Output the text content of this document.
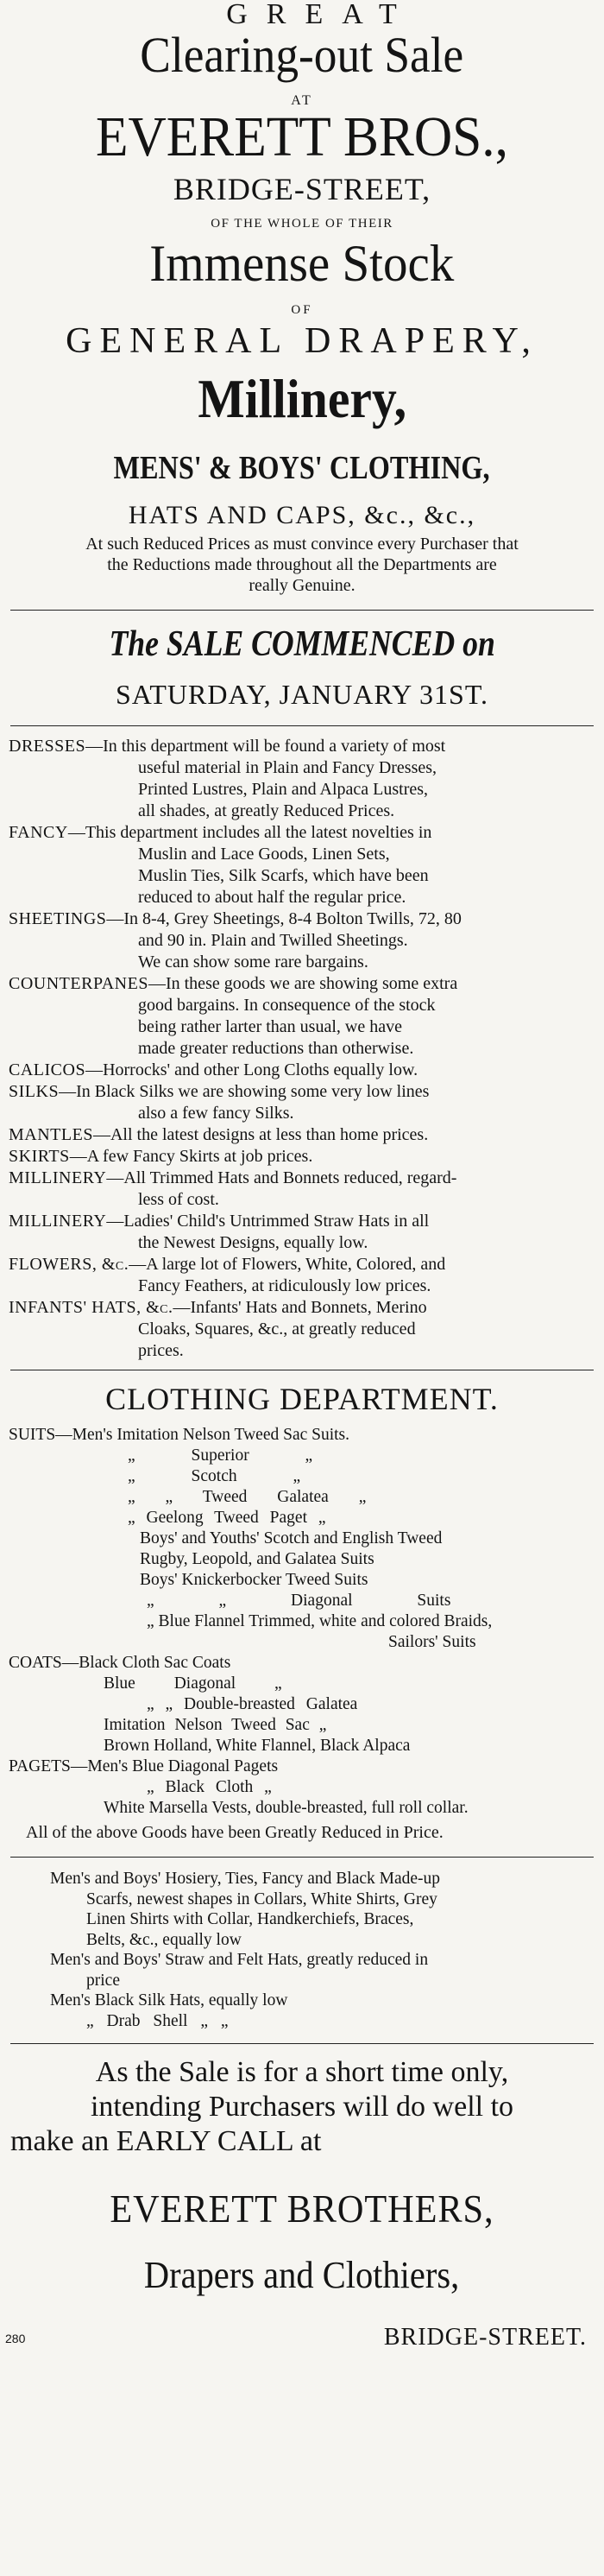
GREAT
Clearing-out Sale
AT
EVERETT BROS.,
BRIDGE-STREET,
OF THE WHOLE OF THEIR
Immense Stock
OF
GENERAL DRAPERY,
Millinery,
MENS' & BOYS' CLOTHING,
HATS AND CAPS, &c., &c.,
At such Reduced Prices as must convince every Purchaser that
the Reductions made throughout all the Departments are
really Genuine.
The SALE COMMENCED on
SATURDAY, JANUARY 31ST.
DRESSES—In this department will be found a variety of most
useful material in Plain and Fancy Dresses,
Printed Lustres, Plain and Alpaca Lustres,
all shades, at greatly Reduced Prices.
FANCY—This department includes all the latest novelties in
Muslin and Lace Goods, Linen Sets,
Muslin Ties, Silk Scarfs, which have been
reduced to about half the regular price.
SHEETINGS—In 8-4, Grey Sheetings, 8-4 Bolton Twills, 72, 80
and 90 in. Plain and Twilled Sheetings.
We can show some rare bargains.
COUNTERPANES—In these goods we are showing some extra
good bargains. In consequence of the stock
being rather larter than usual, we have
made greater reductions than otherwise.
CALICOS—Horrocks' and other Long Cloths equally low.
SILKS—In Black Silks we are showing some very low lines
also a few fancy Silks.
MANTLES—All the latest designs at less than home prices.
SKIRTS—A few Fancy Skirts at job prices.
MILLINERY—All Trimmed Hats and Bonnets reduced, regard-
less of cost.
MILLINERY—Ladies' Child's Untrimmed Straw Hats in all
the Newest Designs, equally low.
FLOWERS, &c.—A large lot of Flowers, White, Colored, and
Fancy Feathers, at ridiculously low prices.
INFANTS' HATS, &c.—Infants' Hats and Bonnets, Merino
Cloaks, Squares, &c., at greatly reduced
prices.
CLOTHING DEPARTMENT.
SUITS—Men's Imitation Nelson Tweed Sac Suits.
„ Superior „
„ Scotch „
„ „ Tweed Galatea „
„ Geelong Tweed Paget „
Boys' and Youths' Scotch and English Tweed
Rugby, Leopold, and Galatea Suits
Boys' Knickerbocker Tweed Suits
„ „ Diagonal Suits
„ Blue Flannel Trimmed, white and colored Braids,
Sailors' Suits
COATS—Black Cloth Sac Coats
Blue Diagonal „
„ „ Double-breasted Galatea
Imitation Nelson Tweed Sac „
Brown Holland, White Flannel, Black Alpaca
PAGETS—Men's Blue Diagonal Pagets
„ Black Cloth „
White Marsella Vests, double-breasted, full roll collar.
All of the above Goods have been Greatly Reduced in Price.
Men's and Boys' Hosiery, Ties, Fancy and Black Made-up
Scarfs, newest shapes in Collars, White Shirts, Grey
Linen Shirts with Collar, Handkerchiefs, Braces,
Belts, &c., equally low
Men's and Boys' Straw and Felt Hats, greatly reduced in
price
Men's Black Silk Hats, equally low
„ Drab Shell „ „
As the Sale is for a short time only,
intending Purchasers will do well to
make an EARLY CALL at
EVERETT BROTHERS,
Drapers and Clothiers,
BRIDGE-STREET.
280
